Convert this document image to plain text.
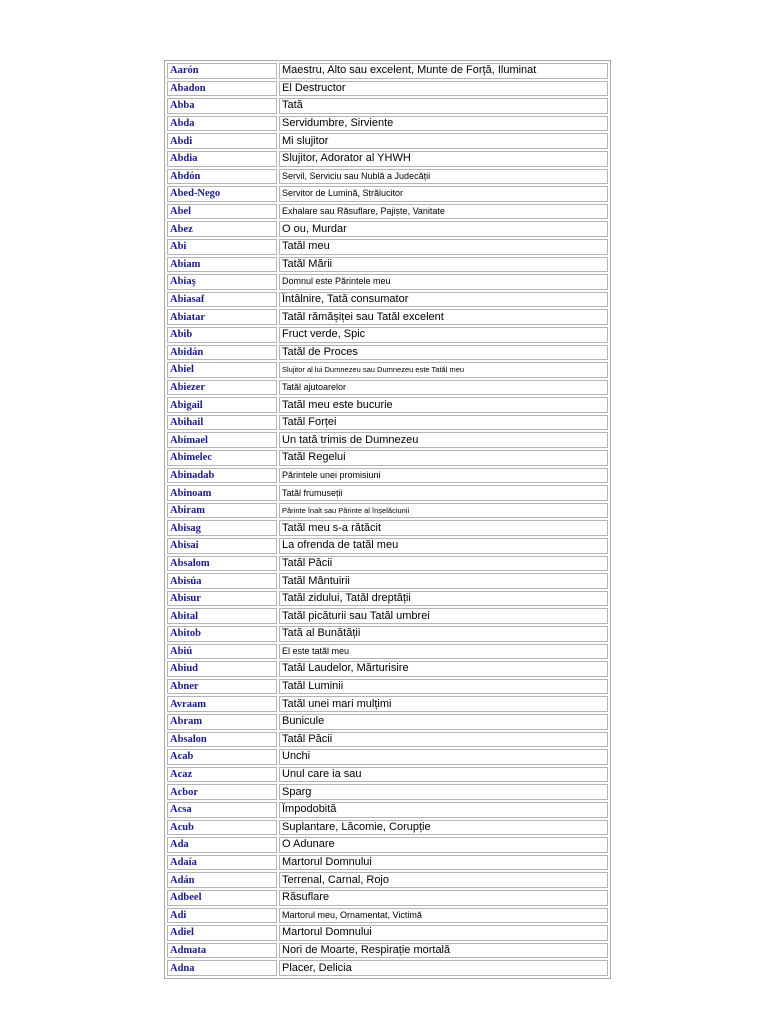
Aarón	Maestru, Alto sau excelent, Munte de Forță, Iluminat
Abadon	El Destructor
Abba	Tată
Abda	Servidumbre, Sirviente
Abdi	Mi slujitor
Abdia	Slujitor, Adorator al YHWH
Abdón	Servil, Serviciu sau Nublă a Judecății
Abed-Nego	Servitor de Lumină, Strălucitor
Abel	Exhalare sau Răsuflare, Pajiște, Vanitate
Abez	O ou, Murdar
Abi	Tatăl meu
Abiam	Tatăl Mării
Abiaş	Domnul este Părintele meu
Abiasaf	Întâlnire, Tată consumator
Abiatar	Tatăl rămășiței sau Tatăl excelent
Abib	Fruct verde, Spic
Abidán	Tatăl de Proces
Abiel	Slujitor al lui Dumnezeu sau Dumnezeu este Tatăl meu
Abiezer	Tatăl ajutoarelor
Abigail	Tatăl meu este bucurie
Abihail	Tatăl Forței
Abimael	Un tată trimis de Dumnezeu
Abimelec	Tatăl Regelui
Abinadab	Părintele unei promisiuni
Abinoam	Tatăl frumuseții
Abiram	Părinte înalt sau Părinte al înșelăciunii
Abisag	Tatăl meu s-a rătăcit
Abisai	La ofrenda de tatăl meu
Absalom	Tatăl Păcii
Abisúa	Tatăl Mântuirii
Abisur	Tatăl zidului, Tatăl dreptății
Abital	Tatăl picăturii sau Tatăl umbrei
Abitob	Tată al Bunătății
Abiú	El este tatăl meu
Abiud	Tatăl Laudelor, Mărturisire
Abner	Tatăl Luminii
Avraam	Tatăl unei mari mulțimi
Abram	Bunicule
Absalon	Tatăl Păcii
Acab	Unchi
Acaz	Unul care ia sau
Acbor	Sparg
Acsa	Împodobită
Acub	Suplantare, Lăcomie, Corupție
Ada	O Adunare
Adaía	Martorul Domnului
Adán	Terrenal, Carnal, Rojo
Adbeel	Răsuflare
Adi	Martorul meu, Ornamentat, Victimă
Adiel	Martorul Domnului
Admata	Nori de Moarte, Respirație mortală
Adna	Placer, Delicia
